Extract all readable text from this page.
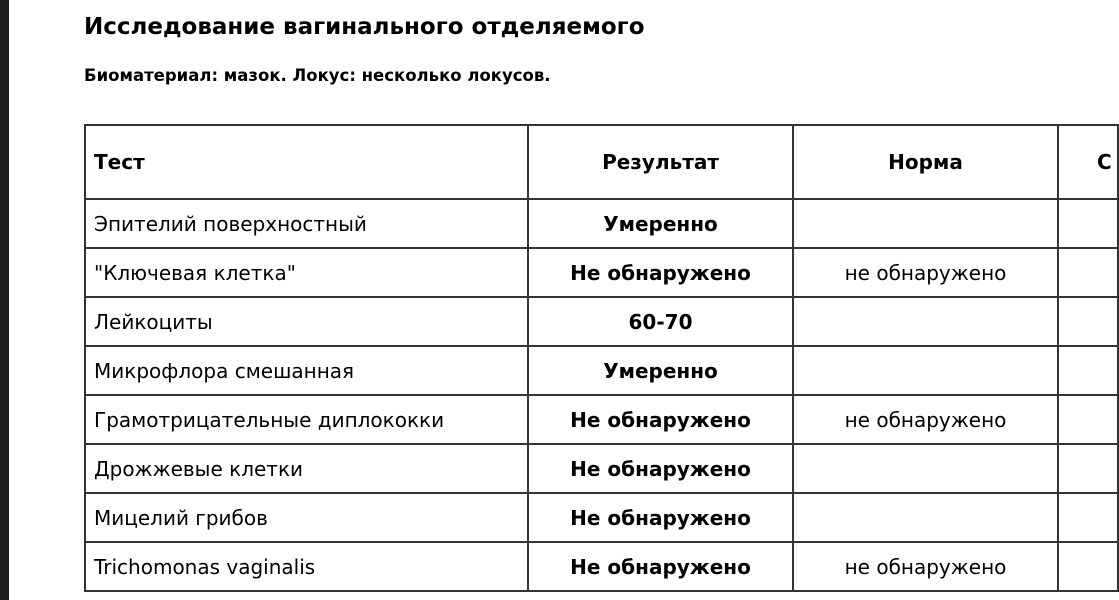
Исследование вагинального отделяемого

Биоматериал: мазок. Локус: несколько локусов.

Тест	Результат	Норма	С
Эпителий поверхностный	Умеренно		
"Ключевая клетка"	Не обнаружено	не обнаружено	
Лейкоциты	60-70		
Микрофлора смешанная	Умеренно		
Грамотрицательные диплококки	Не обнаружено	не обнаружено	
Дрожжевые клетки	Не обнаружено		
Мицелий грибов	Не обнаружено		
Trichomonas vaginalis	Не обнаружено	не обнаружено	
